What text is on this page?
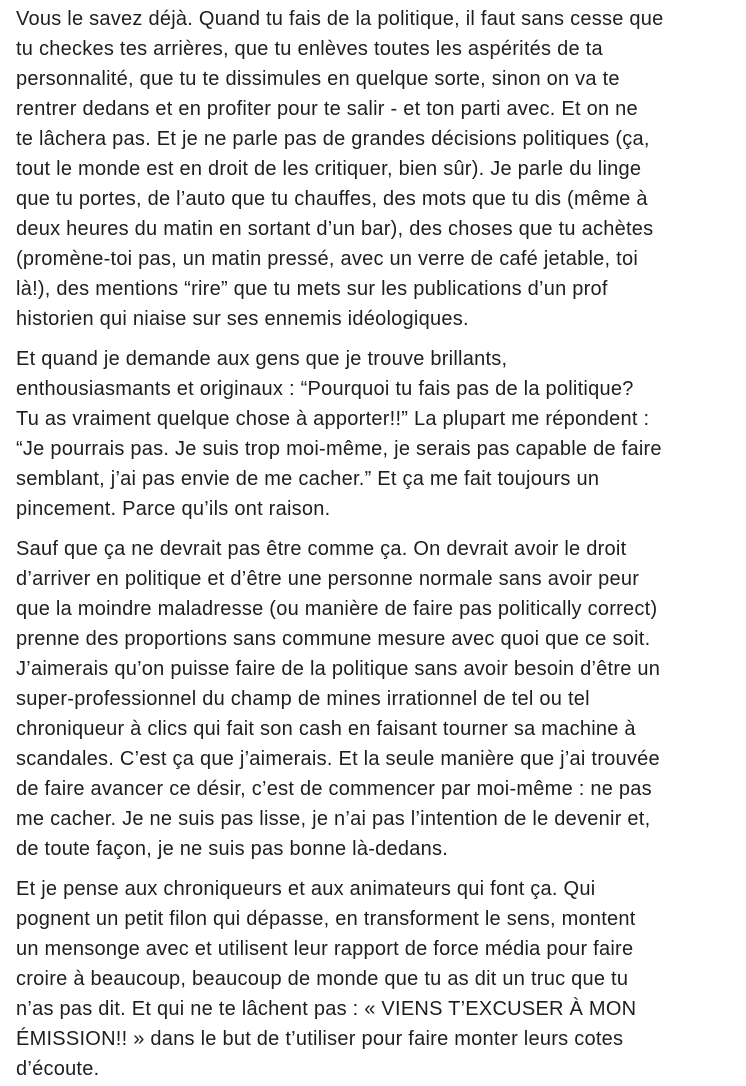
Vous le savez déjà. Quand tu fais de la politique, il faut sans cesse que
tu checkes tes arrières, que tu enlèves toutes les aspérités de ta
personnalité, que tu te dissimules en quelque sorte, sinon on va te
rentrer dedans et en profiter pour te salir - et ton parti avec. Et on ne
te lâchera pas. Et je ne parle pas de grandes décisions politiques (ça,
tout le monde est en droit de les critiquer, bien sûr). Je parle du linge
que tu portes, de l’auto que tu chauffes, des mots que tu dis (même à
deux heures du matin en sortant d’un bar), des choses que tu achètes
(promène-toi pas, un matin pressé, avec un verre de café jetable, toi
là!), des mentions “rire” que tu mets sur les publications d’un prof
historien qui niaise sur ses ennemis idéologiques.

Et quand je demande aux gens que je trouve brillants,
enthousiasmants et originaux : “Pourquoi tu fais pas de la politique?
Tu as vraiment quelque chose à apporter!!” La plupart me répondent :
“Je pourrais pas. Je suis trop moi-même, je serais pas capable de faire
semblant, j’ai pas envie de me cacher.” Et ça me fait toujours un
pincement. Parce qu’ils ont raison.

Sauf que ça ne devrait pas être comme ça. On devrait avoir le droit
d’arriver en politique et d’être une personne normale sans avoir peur
que la moindre maladresse (ou manière de faire pas politically correct)
prenne des proportions sans commune mesure avec quoi que ce soit.
J’aimerais qu’on puisse faire de la politique sans avoir besoin d’être un
super-professionnel du champ de mines irrationnel de tel ou tel
chroniqueur à clics qui fait son cash en faisant tourner sa machine à
scandales. C’est ça que j’aimerais. Et la seule manière que j’ai trouvée
de faire avancer ce désir, c’est de commencer par moi-même : ne pas
me cacher. Je ne suis pas lisse, je n’ai pas l’intention de le devenir et,
de toute façon, je ne suis pas bonne là-dedans.

Et je pense aux chroniqueurs et aux animateurs qui font ça. Qui
pognent un petit filon qui dépasse, en transforment le sens, montent
un mensonge avec et utilisent leur rapport de force média pour faire
croire à beaucoup, beaucoup de monde que tu as dit un truc que tu
n’as pas dit. Et qui ne te lâchent pas : « VIENS T’EXCUSER À MON
ÉMISSION!! » dans le but de t’utiliser pour faire monter leurs cotes
d’écoute.
